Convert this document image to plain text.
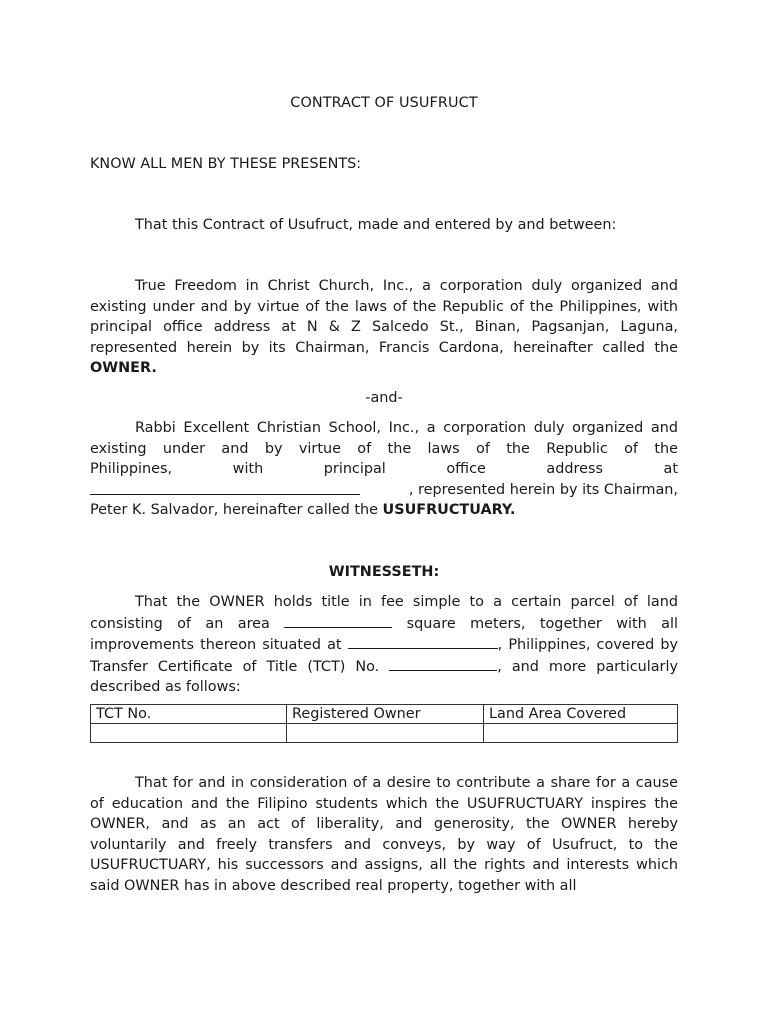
CONTRACT OF USUFRUCT
KNOW ALL MEN BY THESE PRESENTS:
That this Contract of Usufruct, made and entered by and between:
True Freedom in Christ Church, Inc., a corporation duly organized and existing under and by virtue of the laws of the Republic of the Philippines, with principal office address at N & Z Salcedo St., Binan, Pagsanjan, Laguna, represented herein by its Chairman, Francis Cardona, hereinafter called the OWNER.
-and-
Rabbi Excellent Christian School, Inc., a corporation duly organized and existing under and by virtue of the laws of the Republic of the
Philippines,	with	principal	office	address	at
, represented herein by its Chairman,
Peter K. Salvador, hereinafter called the USUFRUCTUARY.
WITNESSETH:
That the OWNER holds title in fee simple to a certain parcel of land consisting of an area	square meters, together with all improvements thereon situated at	, Philippines, covered by Transfer Certificate of Title (TCT) No.	, and more particularly described as follows:
TCT No.	Registered Owner	Land Area Covered

That for and in consideration of a desire to contribute a share for a cause of education and the Filipino students which the USUFRUCTUARY inspires the OWNER, and as an act of liberality, and generosity, the OWNER hereby voluntarily and freely transfers and conveys, by way of Usufruct, to the USUFRUCTUARY, his successors and assigns, all the rights and interests which said OWNER has in above described real property, together with all
